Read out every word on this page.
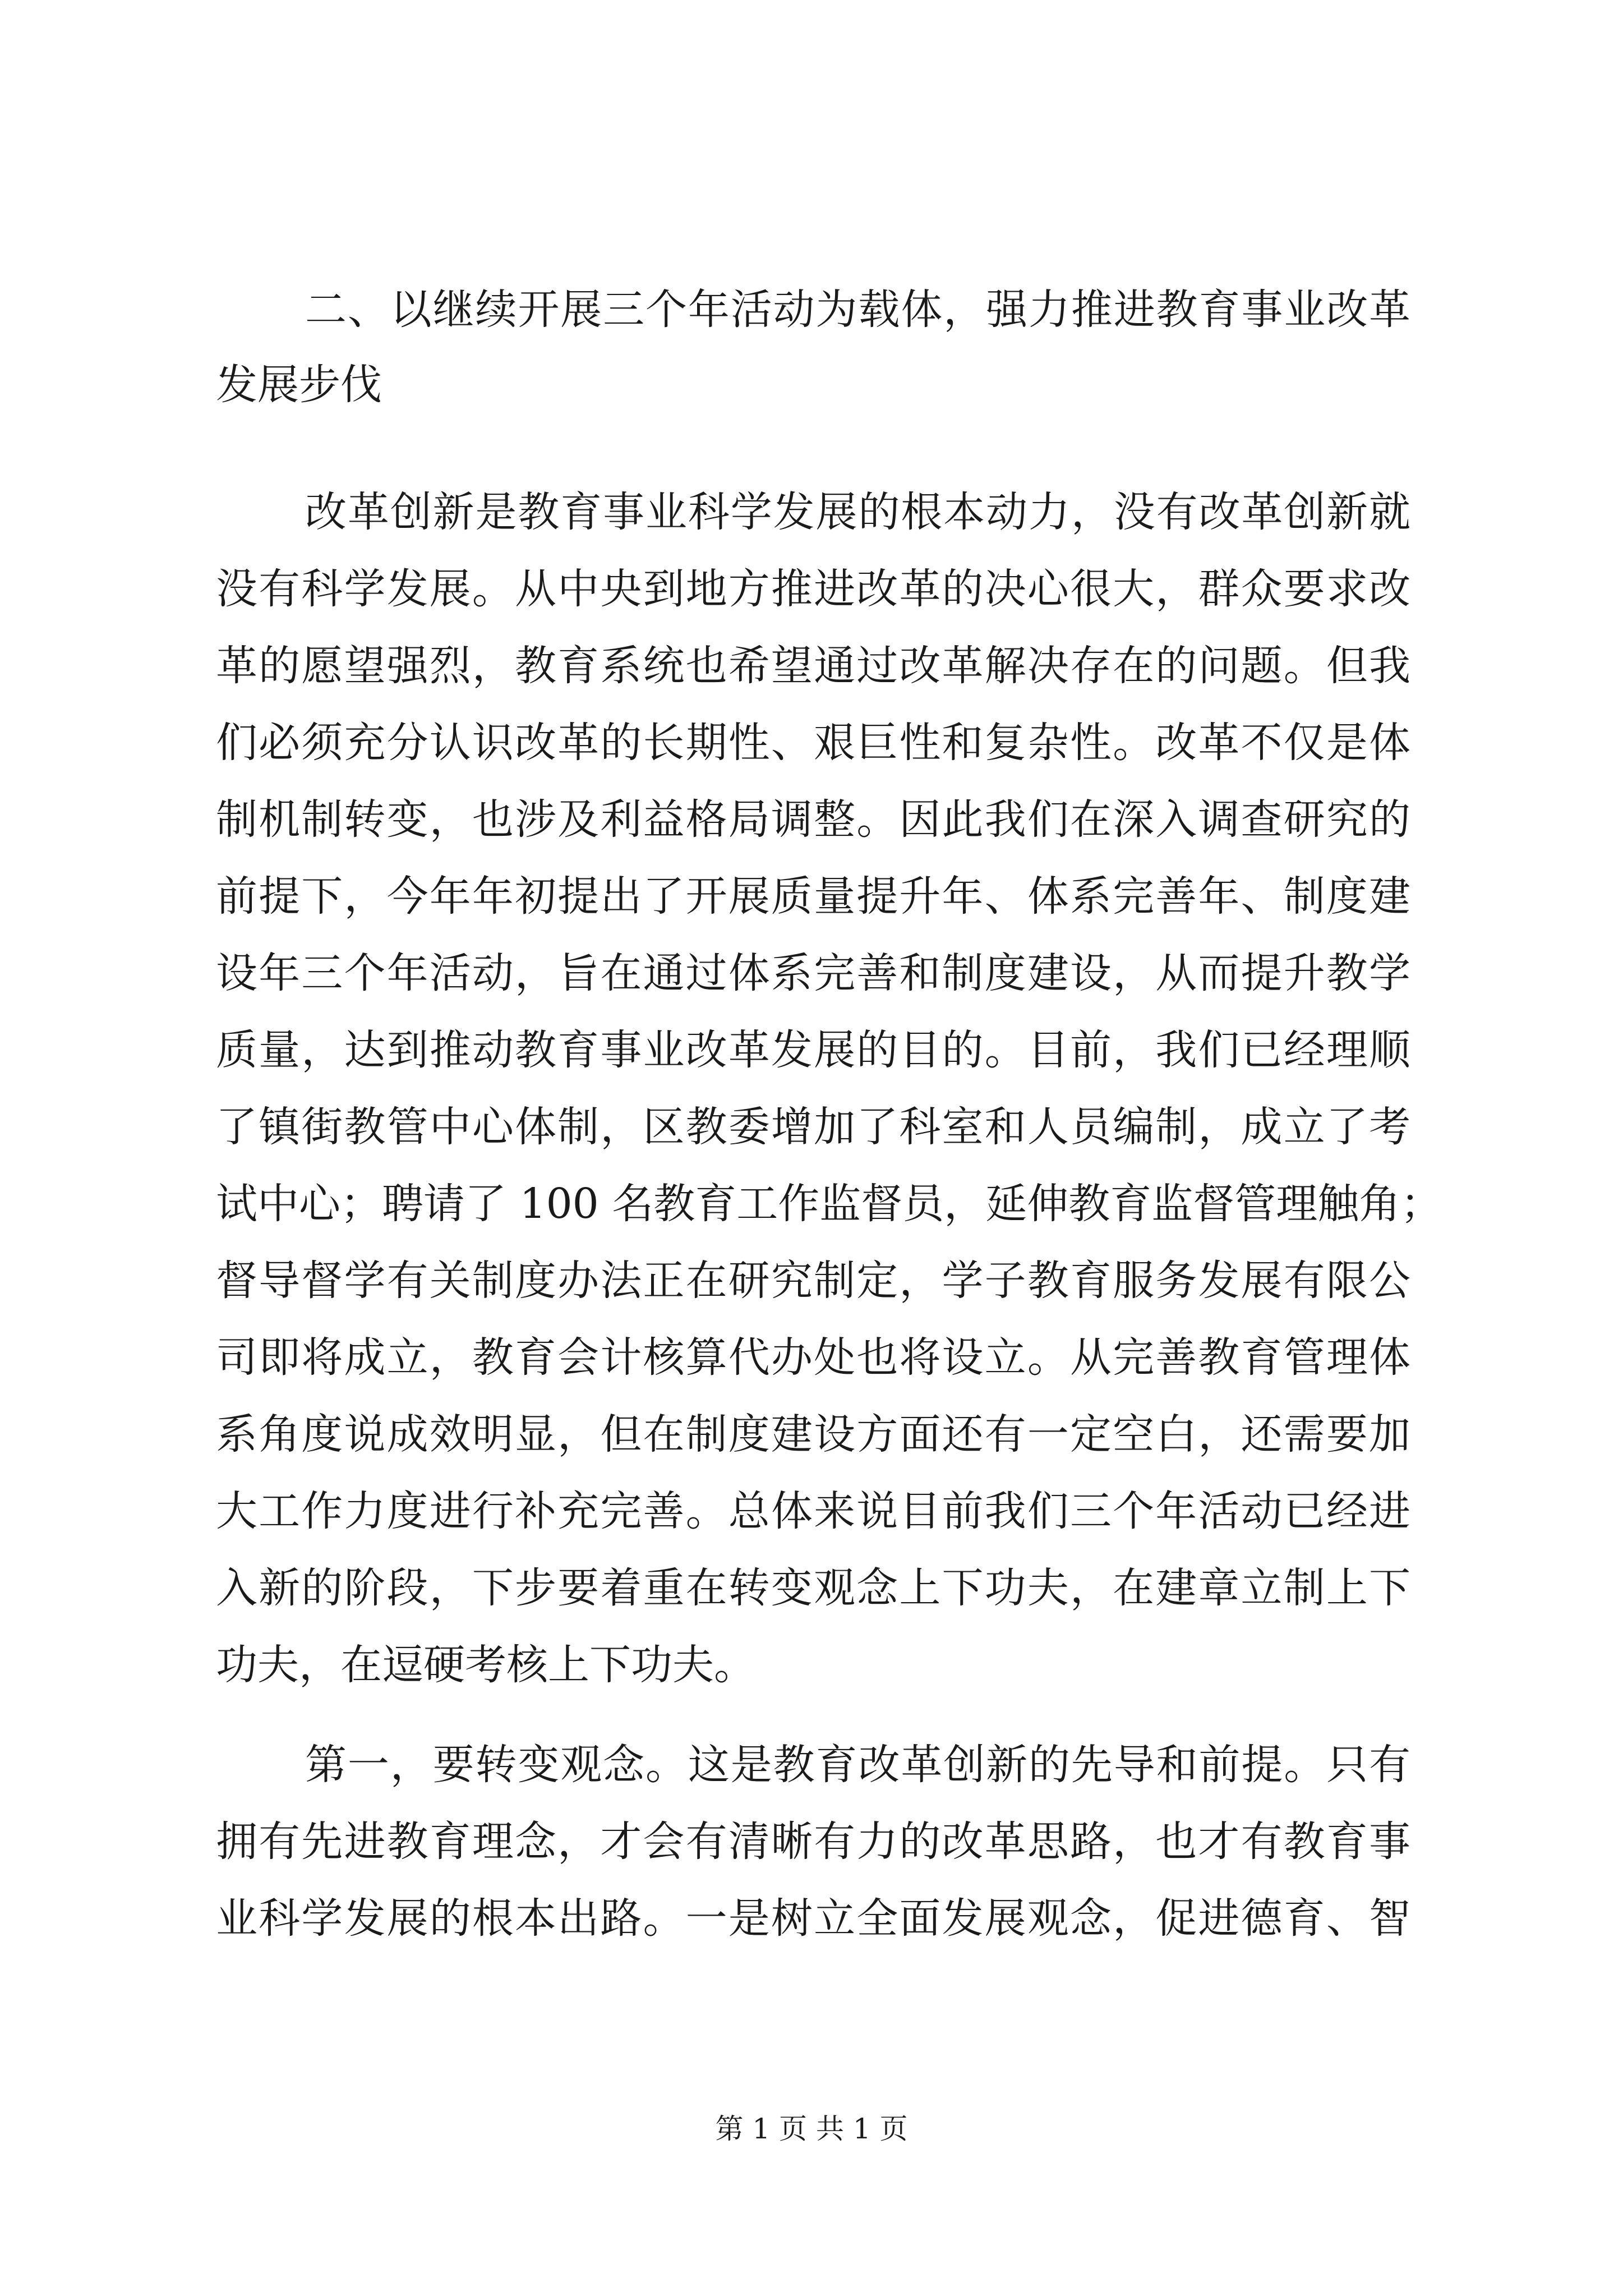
二、以继续开展三个年活动为载体，强力推进教育事业改革
发展步伐
改革创新是教育事业科学发展的根本动力，没有改革创新就
没有科学发展。从中央到地方推进改革的决心很大，群众要求改
革的愿望强烈，教育系统也希望通过改革解决存在的问题。但我
们必须充分认识改革的长期性、艰巨性和复杂性。改革不仅是体
制机制转变，也涉及利益格局调整。因此我们在深入调查研究的
前提下，今年年初提出了开展质量提升年、体系完善年、制度建
设年三个年活动，旨在通过体系完善和制度建设，从而提升教学
质量，达到推动教育事业改革发展的目的。目前，我们已经理顺
了镇街教管中心体制，区教委增加了科室和人员编制，成立了考
试中心；聘请了 100 名教育工作监督员，延伸教育监督管理触角；
督导督学有关制度办法正在研究制定，学子教育服务发展有限公
司即将成立，教育会计核算代办处也将设立。从完善教育管理体
系角度说成效明显，但在制度建设方面还有一定空白，还需要加
大工作力度进行补充完善。总体来说目前我们三个年活动已经进
入新的阶段，下步要着重在转变观念上下功夫，在建章立制上下
功夫，在逗硬考核上下功夫。
第一，要转变观念。这是教育改革创新的先导和前提。只有
拥有先进教育理念，才会有清晰有力的改革思路，也才有教育事
业科学发展的根本出路。一是树立全面发展观念，促进德育、智
第 1 页 共 1 页
